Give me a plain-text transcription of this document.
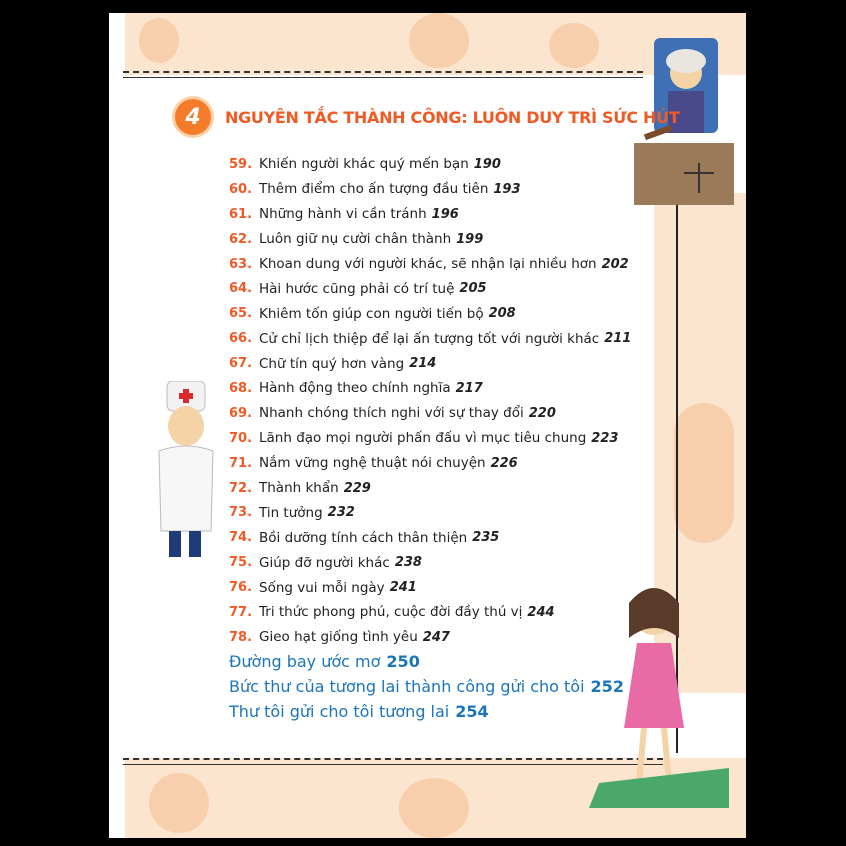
4	NGUYÊN TẮC THÀNH CÔNG: LUÔN DUY TRÌ SỨC HÚT
59. Khiến người khác quý mến bạn 190
60. Thêm điểm cho ấn tượng đầu tiên 193
61. Những hành vi cần tránh 196
62. Luôn giữ nụ cười chân thành 199
63. Khoan dung với người khác, sẽ nhận lại nhiều hơn 202
64. Hài hước cũng phải có trí tuệ 205
65. Khiêm tốn giúp con người tiến bộ 208
66. Cử chỉ lịch thiệp để lại ấn tượng tốt với người khác 211
67. Chữ tín quý hơn vàng 214
68. Hành động theo chính nghĩa 217
69. Nhanh chóng thích nghi với sự thay đổi 220
70. Lãnh đạo mọi người phấn đấu vì mục tiêu chung 223
71. Nắm vững nghệ thuật nói chuyện 226
72. Thành khẩn 229
73. Tin tưởng 232
74. Bồi dưỡng tính cách thân thiện 235
75. Giúp đỡ người khác 238
76. Sống vui mỗi ngày 241
77. Tri thức phong phú, cuộc đời đầy thú vị 244
78. Gieo hạt giống tình yêu 247
Đường bay ước mơ 250
Bức thư của tương lai thành công gửi cho tôi 252
Thư tôi gửi cho tôi tương lai 254
